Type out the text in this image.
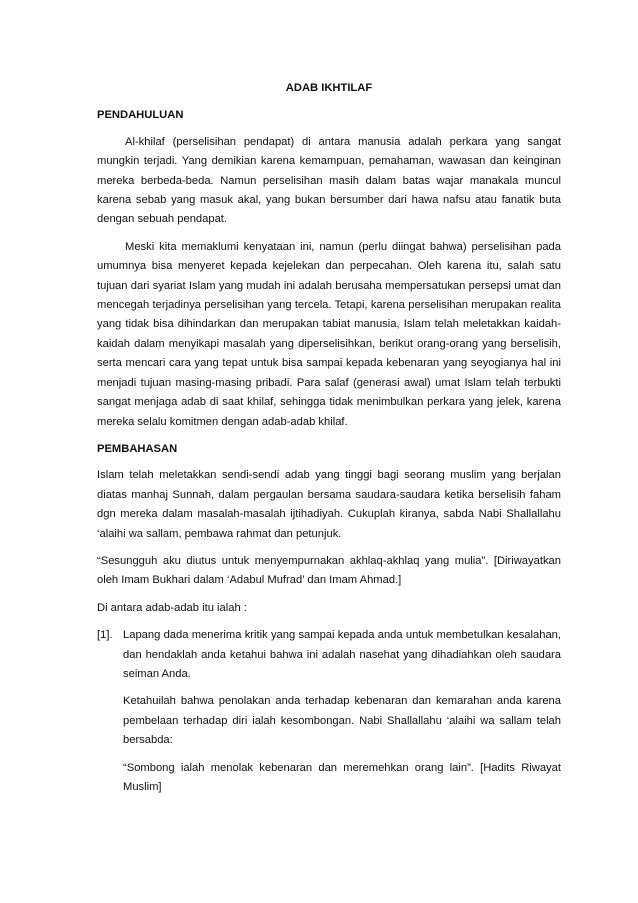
ADAB IKHTILAF
PENDAHULUAN

Al-khilaf (perselisihan pendapat) di antara manusia adalah perkara yang sangat mungkin terjadi. Yang demikian karena kemampuan, pemahaman, wawasan dan keinginan mereka berbeda-beda. Namun perselisihan masih dalam batas wajar manakala muncul karena sebab yang masuk akal, yang bukan bersumber dari hawa nafsu atau fanatik buta dengan sebuah pendapat.

Meski kita memaklumi kenyataan ini, namun (perlu diingat bahwa) perselisihan pada umumnya bisa menyeret kepada kejelekan dan perpecahan. Oleh karena itu, salah satu tujuan dari syariat Islam yang mudah ini adalah berusaha mempersatukan persepsi umat dan mencegah terjadinya perselisihan yang tercela. Tetapi, karena perselisihan merupakan realita yang tidak bisa dihindarkan dan merupakan tabiat manusia, Islam telah meletakkan kaidah-kaidah dalam menyikapi masalah yang diperselisihkan, berikut orang-orang yang berselisih, serta mencari cara yang tepat untuk bisa sampai kepada kebenaran yang seyogianya hal ini menjadi tujuan masing-masing pribadi. Para salaf (generasi awal) umat Islam telah terbukti sangat menjaga adab di saat khilaf, sehingga tidak menimbulkan perkara yang jelek, karena mereka selalu komitmen dengan adab-adab khilaf.

PEMBAHASAN

Islam telah meletakkan sendi-sendi adab yang tinggi bagi seorang muslim yang berjalan diatas manhaj Sunnah, dalam pergaulan bersama saudara-saudara ketika berselisih faham dgn mereka dalam masalah-masalah ijtihadiyah. Cukuplah kiranya, sabda Nabi Shallallahu ‘alaihi wa sallam, pembawa rahmat dan petunjuk.

“Sesungguh aku diutus untuk menyempurnakan akhlaq-akhlaq yang mulia”. [Diriwayatkan oleh Imam Bukhari dalam ‘Adabul Mufrad’ dan Imam Ahmad.]

Di antara adab-adab itu ialah :

[1]. Lapang dada menerima kritik yang sampai kepada anda untuk membetulkan kesalahan, dan hendaklah anda ketahui bahwa ini adalah nasehat yang dihadiahkan oleh saudara seiman Anda.

Ketahuilah bahwa penolakan anda terhadap kebenaran dan kemarahan anda karena pembelaan terhadap diri ialah kesombongan. Nabi Shallallahu ‘alaihi wa sallam telah bersabda:

“Sombong ialah menolak kebenaran dan meremehkan orang lain”. [Hadits Riwayat Muslim]
